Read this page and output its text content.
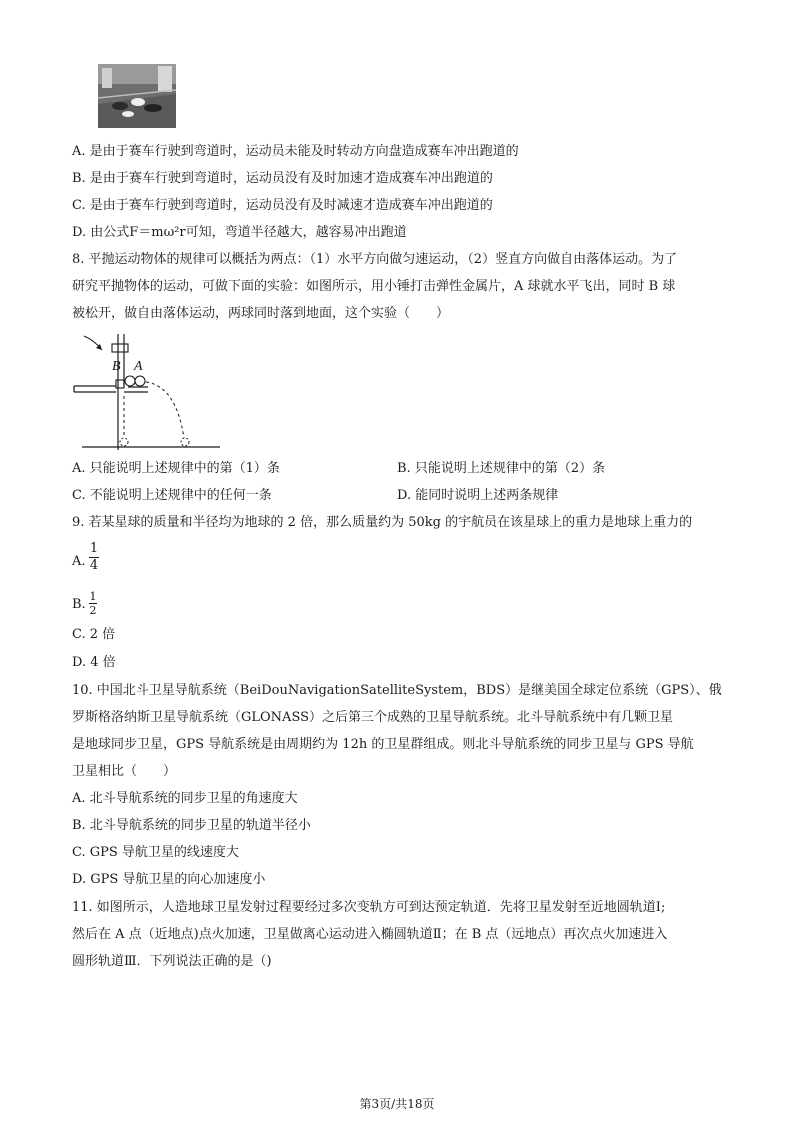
A. 是由于赛车行驶到弯道时，运动员未能及时转动方向盘造成赛车冲出跑道的
B. 是由于赛车行驶到弯道时，运动员没有及时加速才造成赛车冲出跑道的
C. 是由于赛车行驶到弯道时，运动员没有及时减速才造成赛车冲出跑道的
D. 由公式F＝mω²r可知，弯道半径越大，越容易冲出跑道
8. 平抛运动物体的规律可以概括为两点：（1）水平方向做匀速运动，（2）竖直方向做自由落体运动。为了
研究平抛物体的运动，可做下面的实验：如图所示，用小锤打击弹性金属片，A 球就水平飞出，同时 B 球
被松开，做自由落体运动，两球同时落到地面，这个实验（　　）
B A
A. 只能说明上述规律中的第（1）条	B. 只能说明上述规律中的第（2）条
C. 不能说明上述规律中的任何一条	D. 能同时说明上述两条规律
9. 若某星球的质量和半径均为地球的 2 倍，那么质量约为 50kg 的宇航员在该星球上的重力是地球上重力的
A.
1
4
B.
1
2
C. 2 倍
D. 4 倍
10. 中国北斗卫星导航系统（BeiDouNavigationSatelliteSystem，BDS）是继美国全球定位系统（GPS）、俄
罗斯格洛纳斯卫星导航系统（GLONASS）之后第三个成熟的卫星导航系统。北斗导航系统中有几颗卫星
是地球同步卫星，GPS 导航系统是由周期约为 12h 的卫星群组成。则北斗导航系统的同步卫星与 GPS 导航
卫星相比（　　）
A. 北斗导航系统的同步卫星的角速度大
B. 北斗导航系统的同步卫星的轨道半径小
C. GPS 导航卫星的线速度大
D. GPS 导航卫星的向心加速度小
11. 如图所示，人造地球卫星发射过程要经过多次变轨方可到达预定轨道．先将卫星发射至近地圆轨道Ⅰ;
然后在 A 点（近地点)点火加速，卫星做离心运动进入椭圆轨道Ⅱ；在 B 点（远地点）再次点火加速进入
圆形轨道Ⅲ．下列说法正确的是（)
第3页/共18页
